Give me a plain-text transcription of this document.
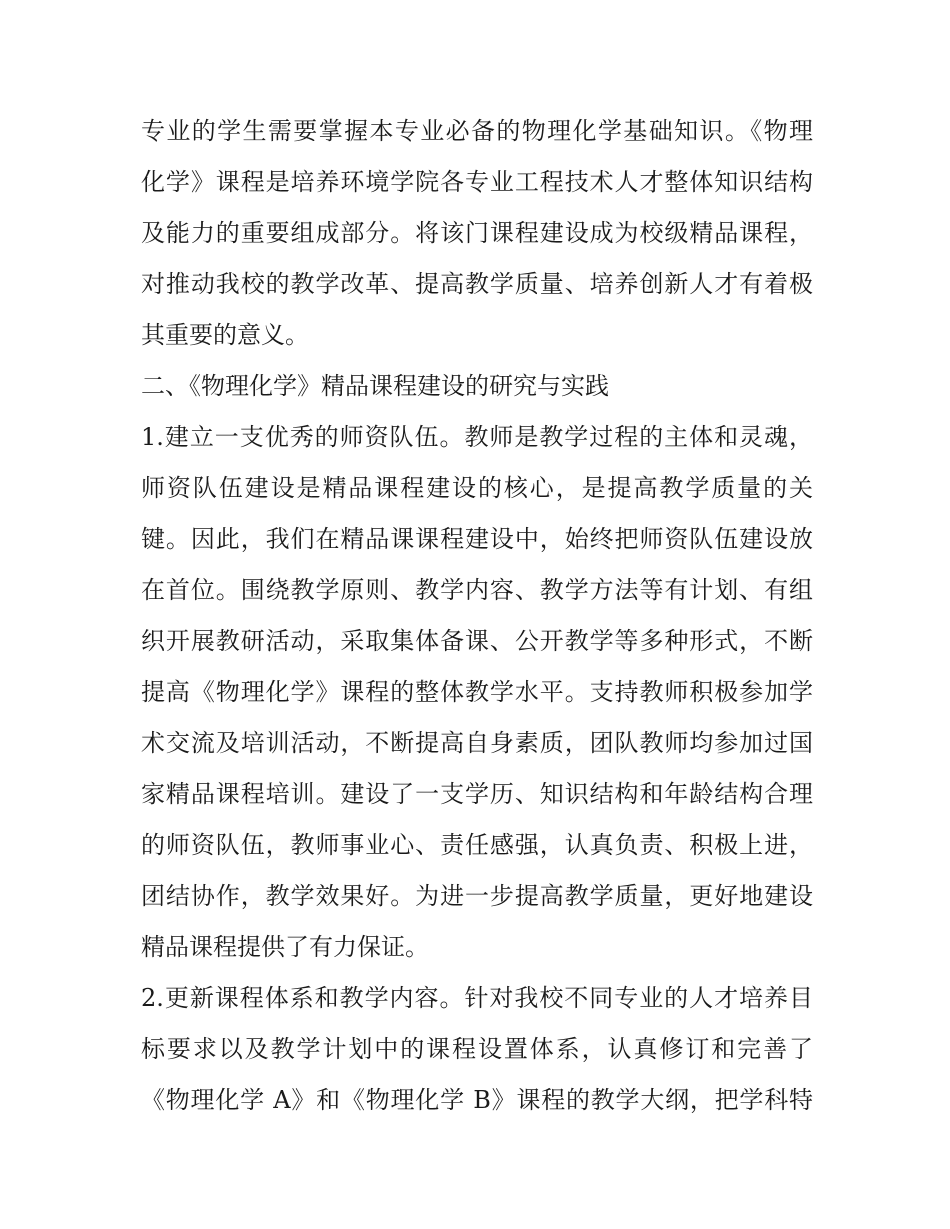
专业的学生需要掌握本专业必备的物理化学基础知识。《物理
化学》课程是培养环境学院各专业工程技术人才整体知识结构
及能力的重要组成部分。将该门课程建设成为校级精品课程，
对推动我校的教学改革、提高教学质量、培养创新人才有着极
其重要的意义。
二、《物理化学》精品课程建设的研究与实践
1.建立一支优秀的师资队伍。教师是教学过程的主体和灵魂，
师资队伍建设是精品课程建设的核心，是提高教学质量的关
键。因此，我们在精品课课程建设中，始终把师资队伍建设放
在首位。围绕教学原则、教学内容、教学方法等有计划、有组
织开展教研活动，采取集体备课、公开教学等多种形式，不断
提高《物理化学》课程的整体教学水平。支持教师积极参加学
术交流及培训活动，不断提高自身素质，团队教师均参加过国
家精品课程培训。建设了一支学历、知识结构和年龄结构合理
的师资队伍，教师事业心、责任感强，认真负责、积极上进，
团结协作，教学效果好。为进一步提高教学质量，更好地建设
精品课程提供了有力保证。
2.更新课程体系和教学内容。针对我校不同专业的人才培养目
标要求以及教学计划中的课程设置体系，认真修订和完善了
《物理化学 A》和《物理化学 B》课程的教学大纲，把学科特
